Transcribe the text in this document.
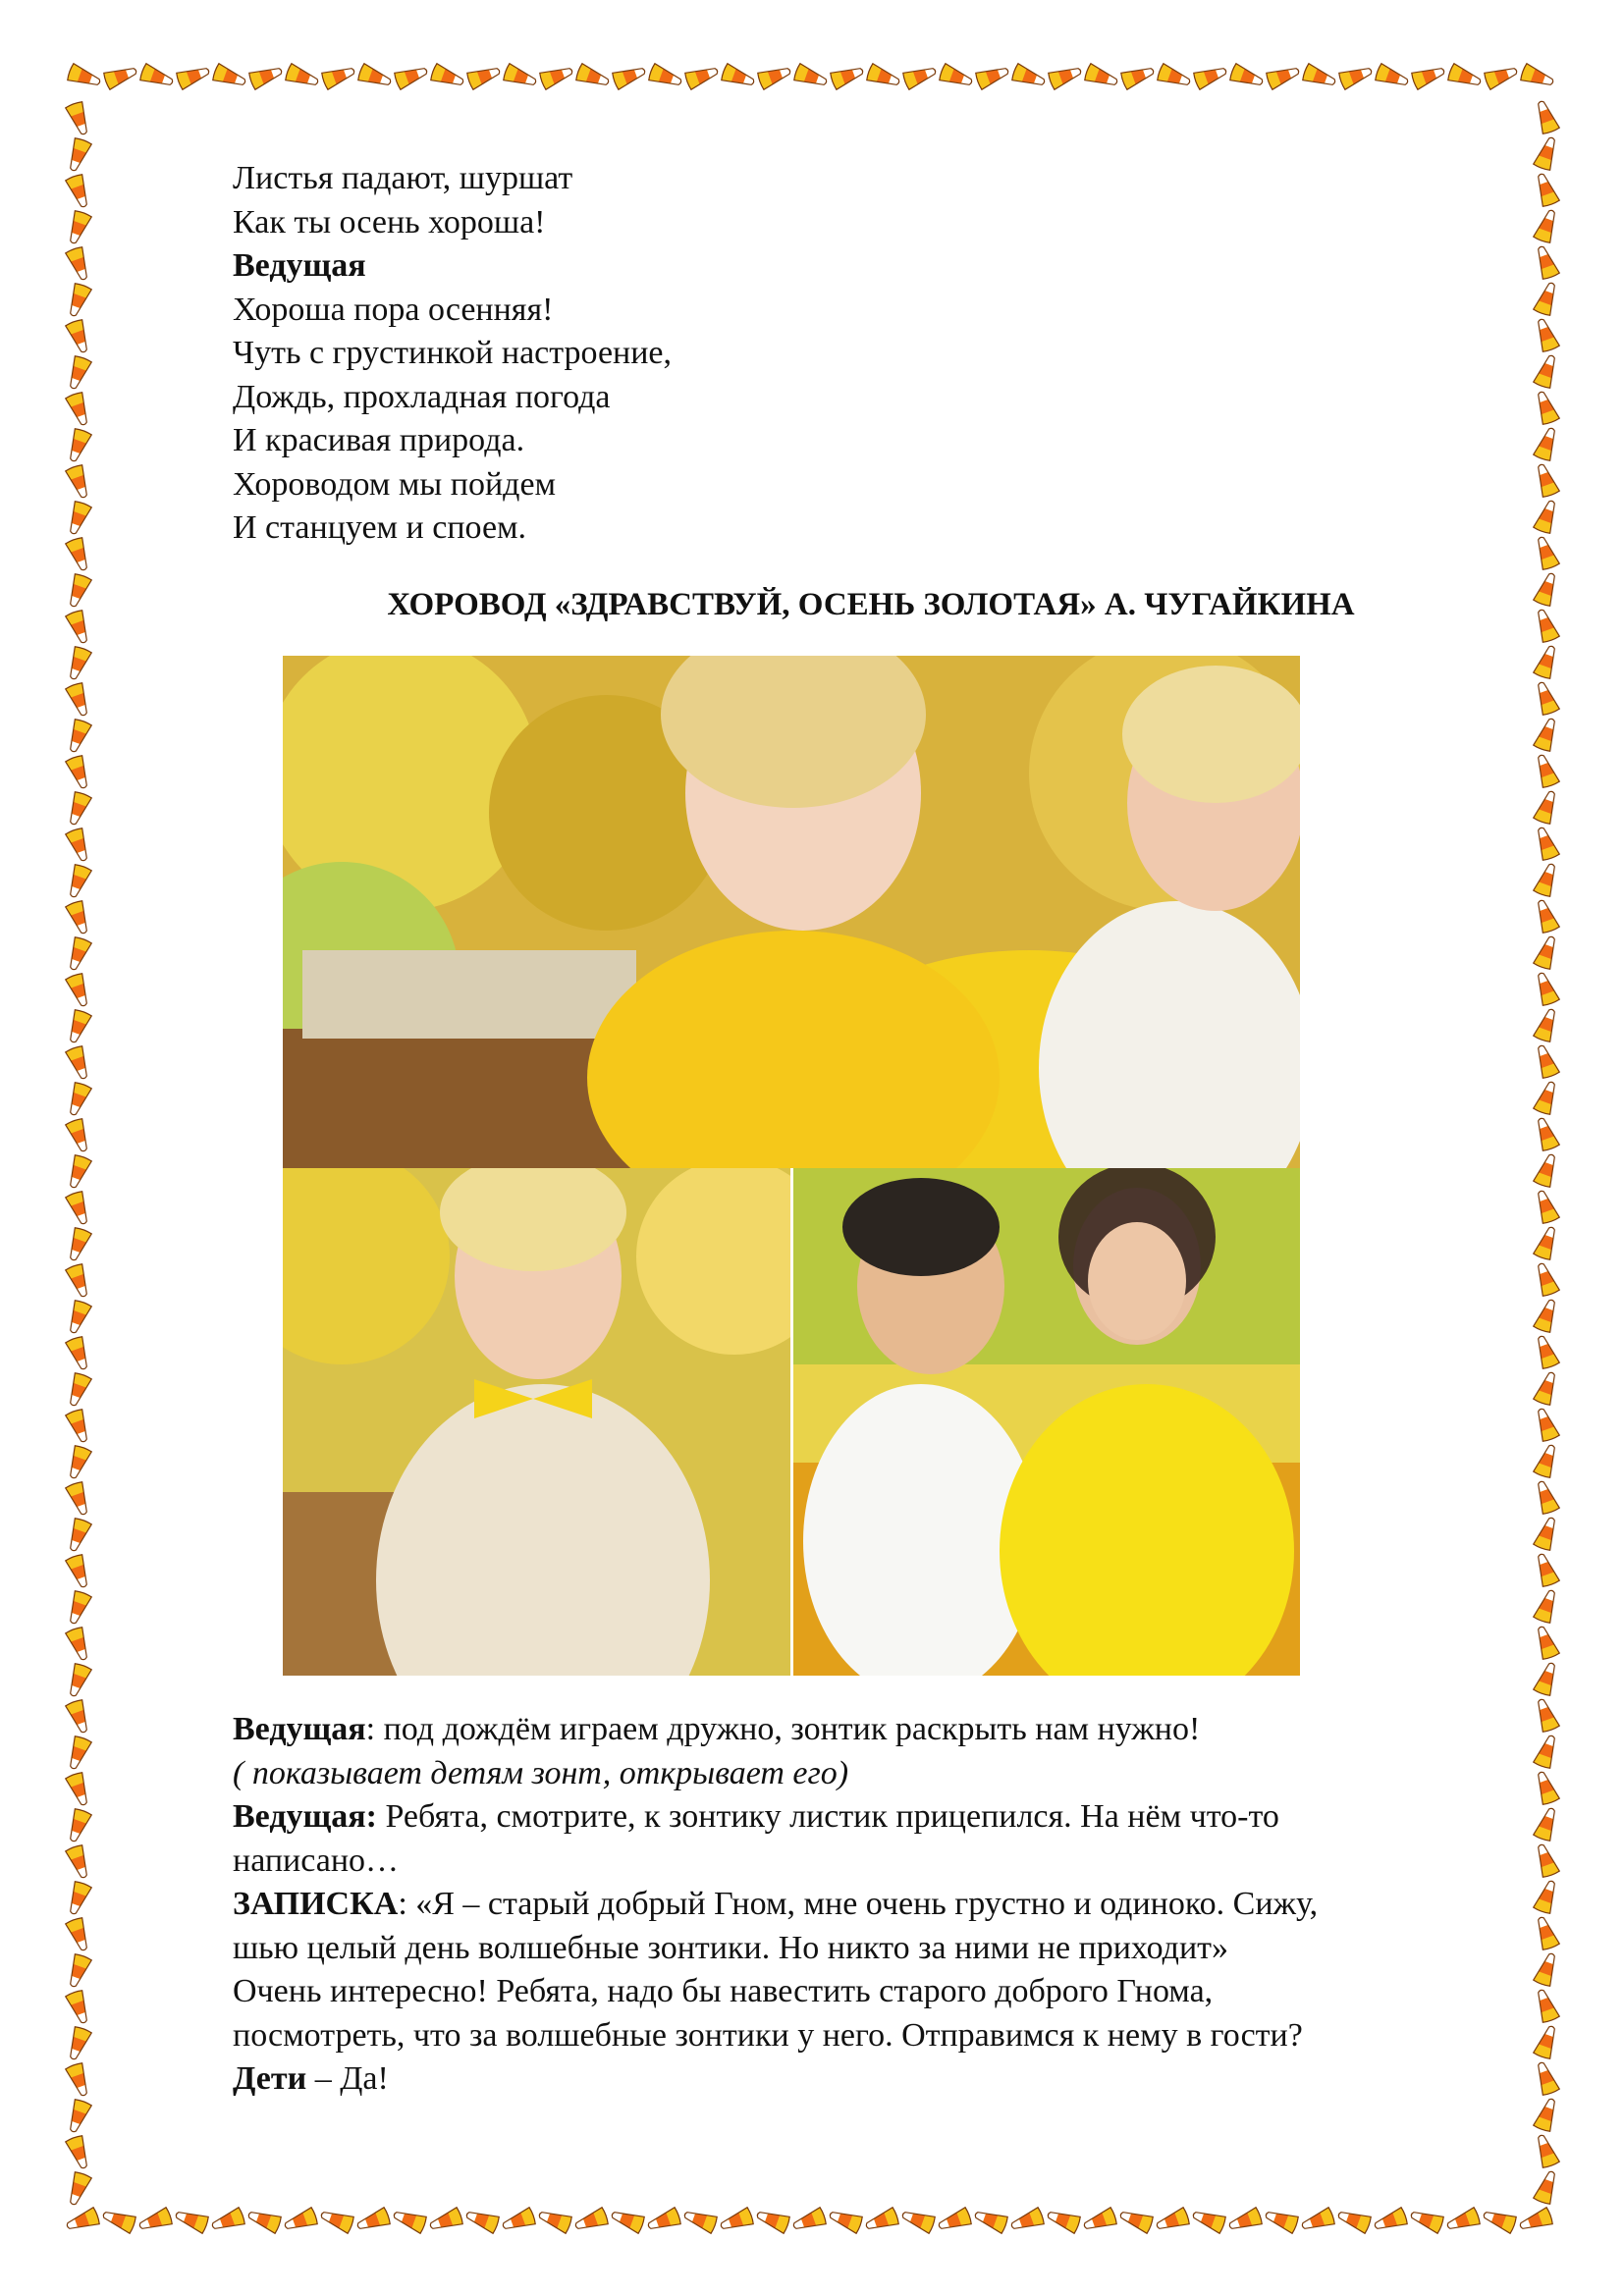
Листья падают, шуршат
Как ты осень хороша!
Ведущая
Хороша пора осенняя!
Чуть с грустинкой настроение,
Дождь, прохладная погода
И красивая природа.
Хороводом мы пойдем
И станцуем и споем.
ХОРОВОД «ЗДРАВСТВУЙ, ОСЕНЬ ЗОЛОТАЯ» А. ЧУГАЙКИНА
Ведущая: под дождём играем дружно, зонтик раскрыть нам нужно!
( показывает детям зонт, открывает его)
Ведущая: Ребята, смотрите, к зонтику листик прицепился. На нём что-то
написано…
ЗАПИСКА: «Я – старый добрый Гном, мне очень грустно и одиноко. Сижу,
шью целый день волшебные зонтики. Но никто за ними не приходит»
Очень интересно! Ребята, надо бы навестить старого доброго Гнома,
посмотреть, что за волшебные зонтики у него. Отправимся к нему в гости?
Дети – Да!
